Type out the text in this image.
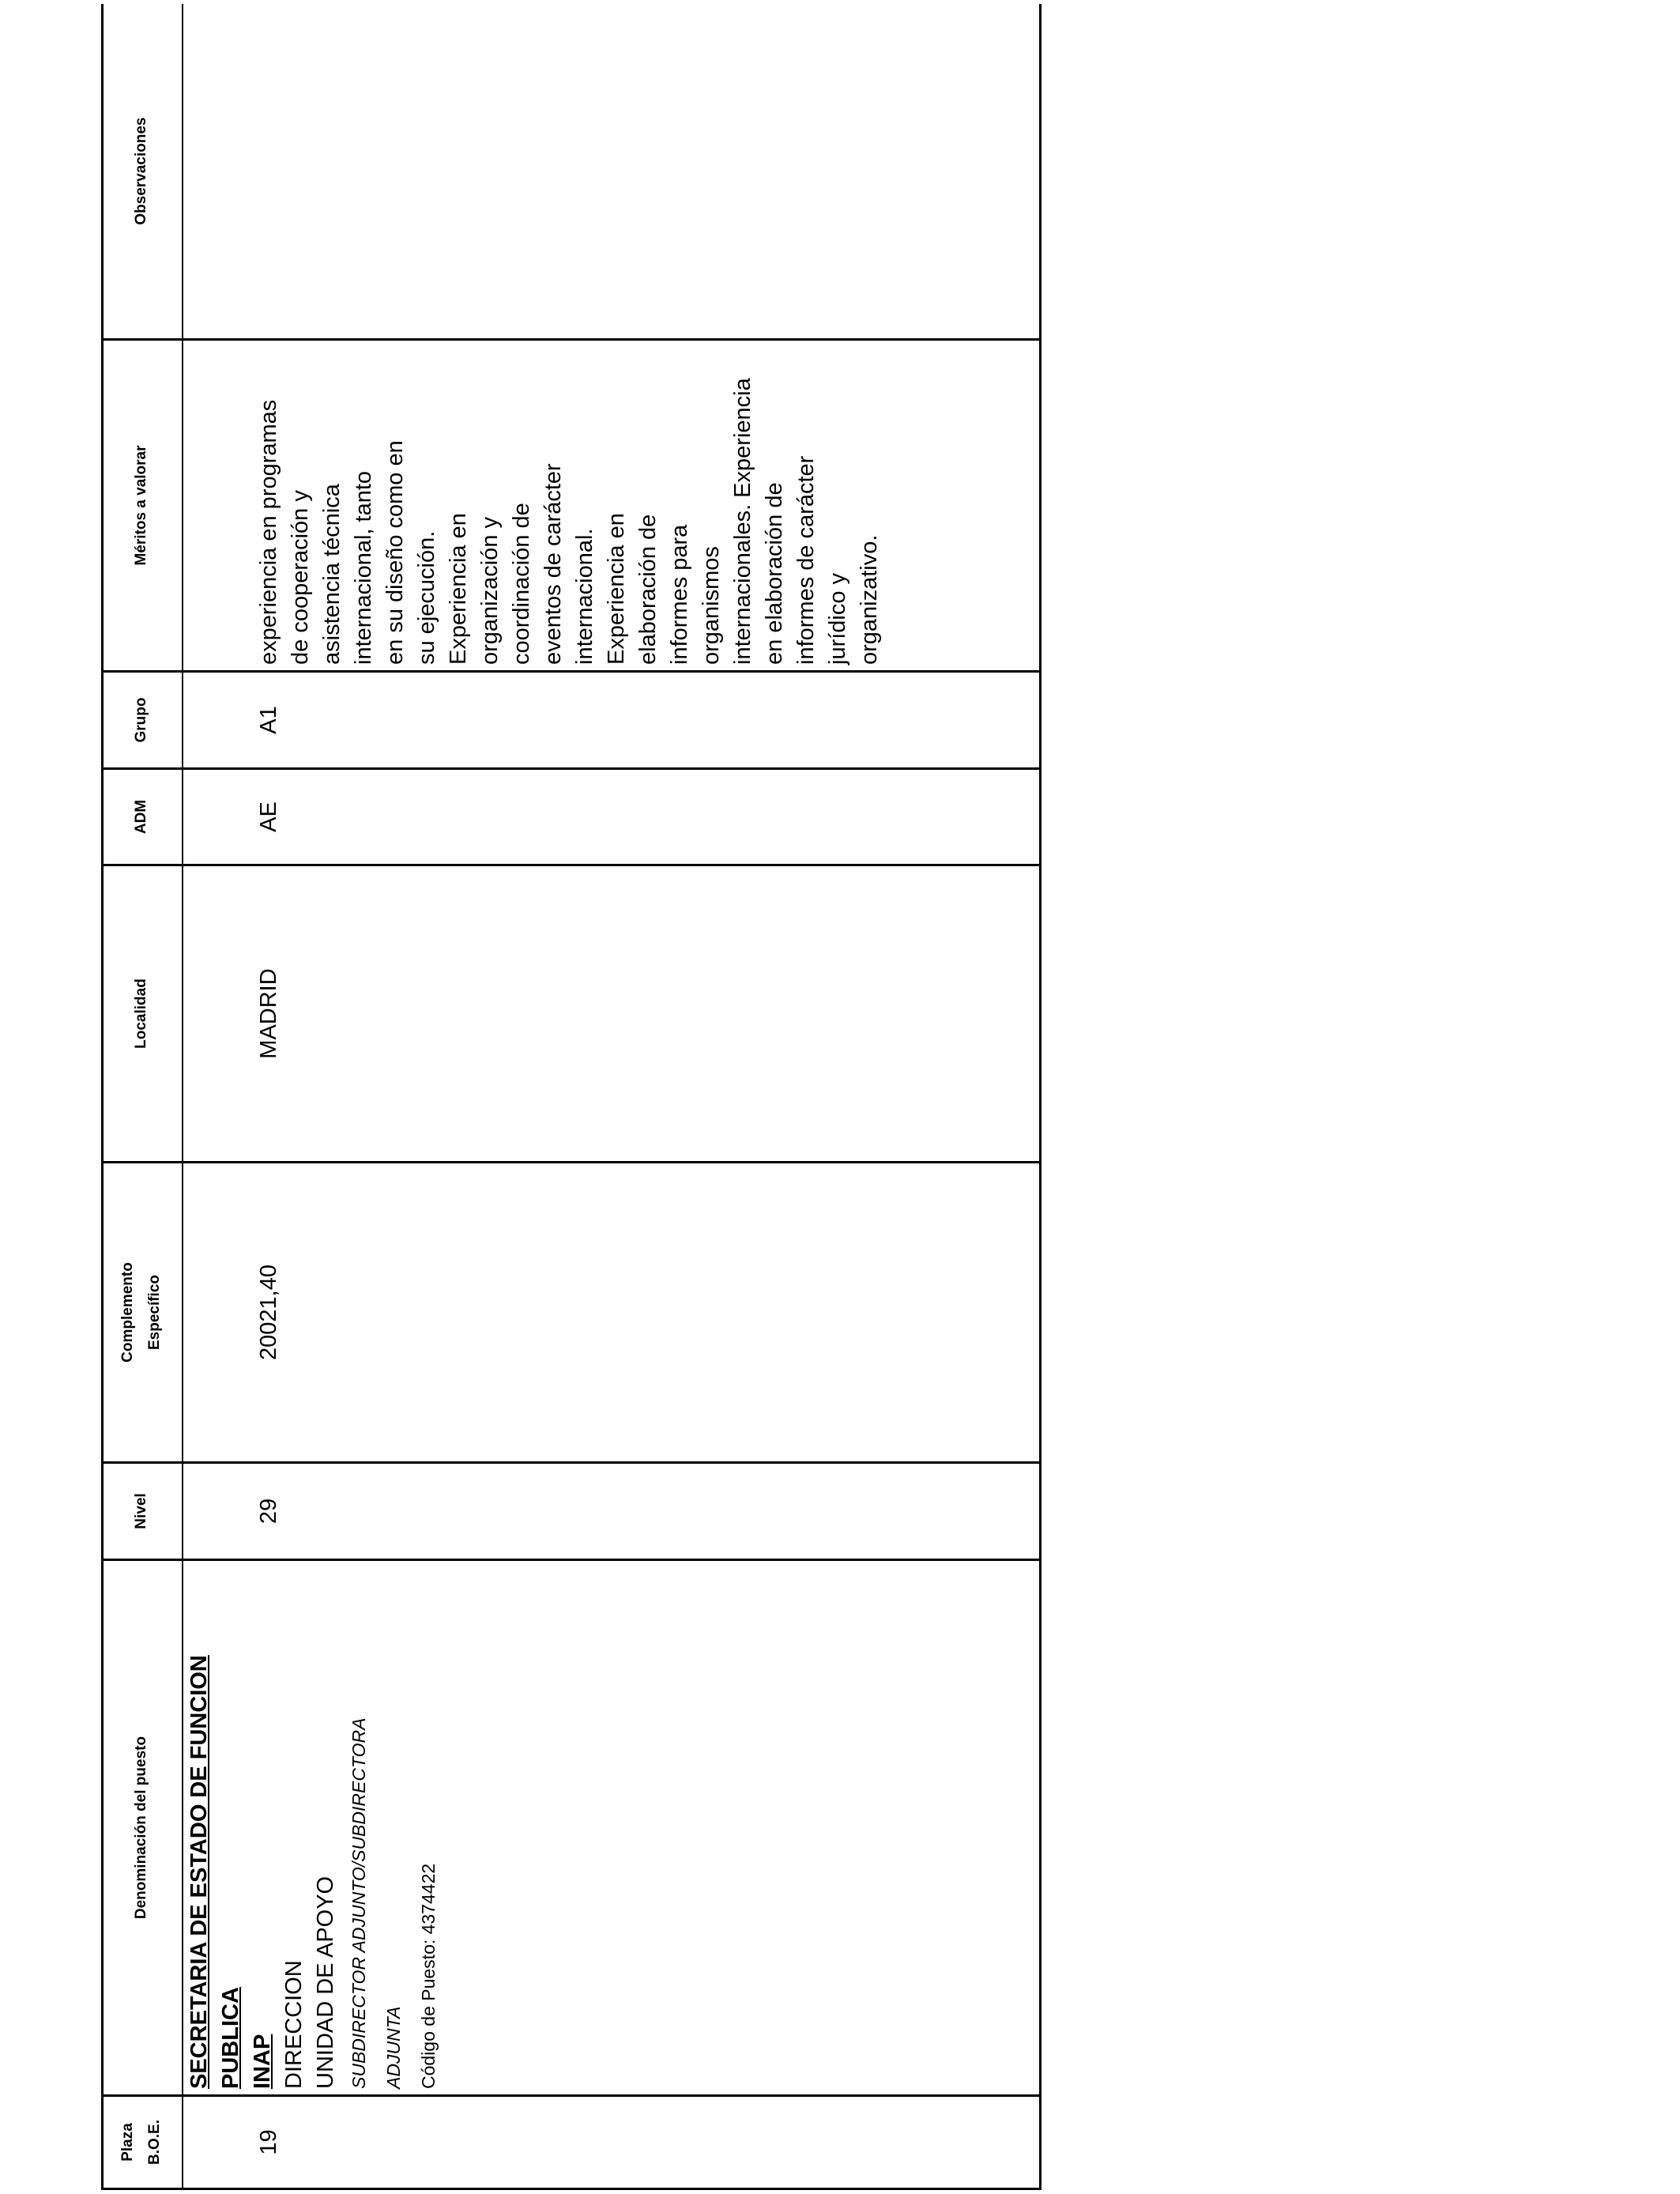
Plaza B.O.E.
Denominación del puesto
Nivel
Complemento Específico
Localidad
ADM
Grupo
Méritos a valorar
Observaciones
19
SECRETARIA DE ESTADO DE FUNCION PUBLICA INAP DIRECCION UNIDAD DE APOYO SUBDIRECTOR ADJUNTO/SUBDIRECTORA ADJUNTA Código de Puesto: 4374422
29
20021,40
MADRID
AE
A1
experiencia en programas de cooperación y asistencia técnica internacional, tanto en su diseño como en su ejecución. Experiencia en organización y coordinación de eventos de carácter internacional. Experiencia en elaboración de informes para organismos internacionales. Experiencia en elaboración de informes de carácter jurídico y organizativo.
